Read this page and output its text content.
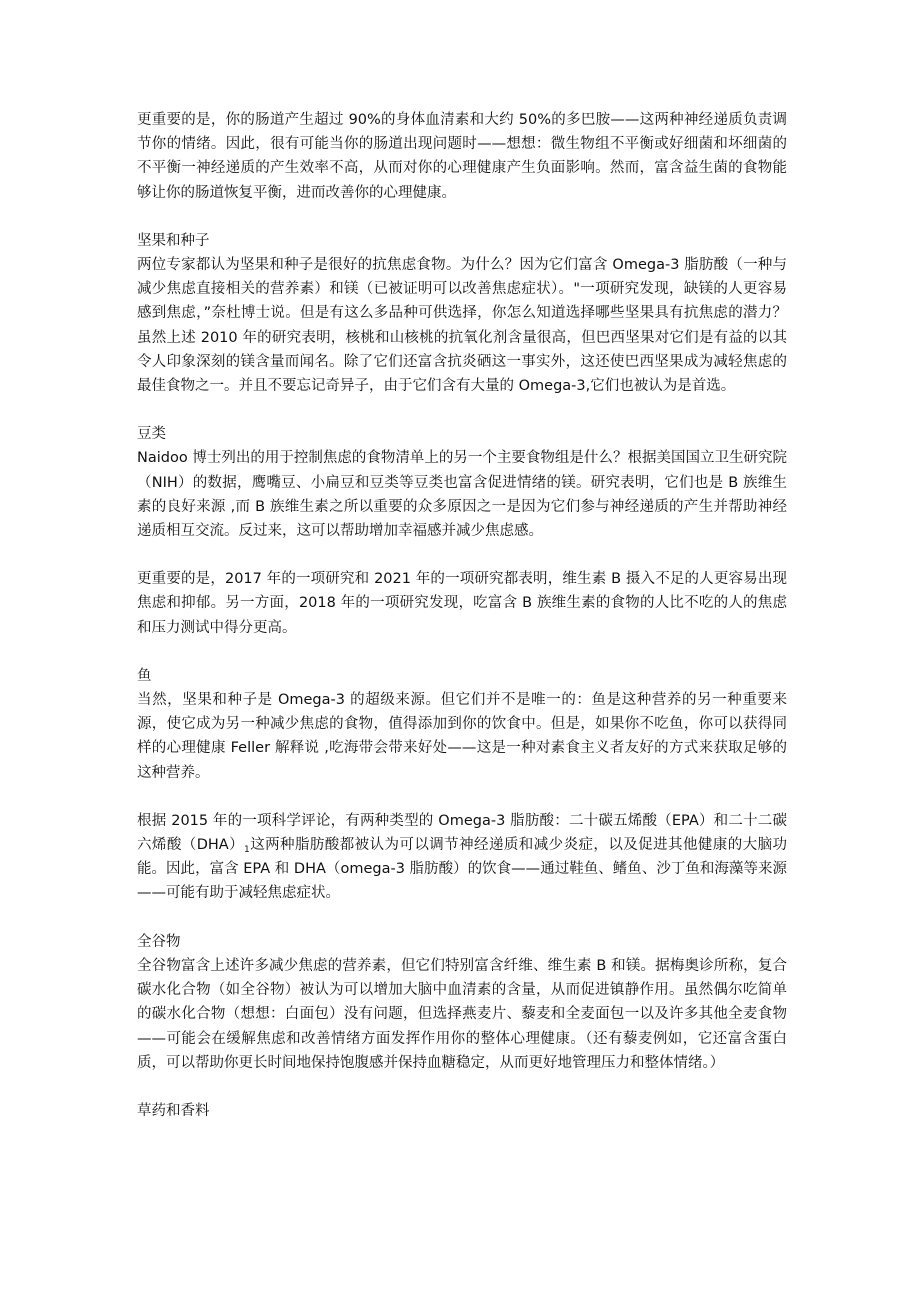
更重要的是，你的肠道产生超过 90%的身体血清素和大约 50%的多巴胺——这两种神经递质负责调节你的情绪。因此，很有可能当你的肠道出现问题时——想想：微生物组不平衡或好细菌和坏细菌的不平衡一神经递质的产生效率不高，从而对你的心理健康产生负面影响。然而，富含益生菌的食物能够让你的肠道恢复平衡，进而改善你的心理健康。

坚果和种子

两位专家都认为坚果和种子是很好的抗焦虑食物。为什么？因为它们富含 Omega-3 脂肪酸（一种与减少焦虑直接相关的营养素）和镁（已被证明可以改善焦虑症状）。"一项研究发现，缺镁的人更容易感到焦虑，”奈杜博士说。但是有这么多品种可供选择，你怎么知道选择哪些坚果具有抗焦虑的潜力？虽然上述 2010 年的研究表明，核桃和山核桃的抗氧化剂含量很高，但巴西坚果对它们是有益的以其令人印象深刻的镁含量而闻名。除了它们还富含抗炎硒这一事实外，这还使巴西坚果成为减轻焦虑的最佳食物之一。并且不要忘记奇异子，由于它们含有大量的 Omega-3,它们也被认为是首选。

豆类

Naidoo 博士列出的用于控制焦虑的食物清单上的另一个主要食物组是什么？根据美国国立卫生研究院（NIH）的数据，鹰嘴豆、小扁豆和豆类等豆类也富含促进情绪的镁。研究表明，它们也是 B 族维生素的良好来源 ,而 B 族维生素之所以重要的众多原因之一是因为它们参与神经递质的产生并帮助神经递质相互交流。反过来，这可以帮助增加幸福感并减少焦虑感。

更重要的是，2017 年的一项研究和 2021 年的一项研究都表明，维生素 B 摄入不足的人更容易出现焦虑和抑郁。另一方面，2018 年的一项研究发现，吃富含 B 族维生素的食物的人比不吃的人的焦虑和压力测试中得分更高。

鱼

当然，坚果和种子是 Omega-3 的超级来源。但它们并不是唯一的：鱼是这种营养的另一种重要来源，使它成为另一种减少焦虑的食物，值得添加到你的饮食中。但是，如果你不吃鱼，你可以获得同样的心理健康 Feller 解释说 ,吃海带会带来好处——这是一种对素食主义者友好的方式来获取足够的这种营养。

根据 2015 年的一项科学评论，有两种类型的 Omega-3 脂肪酸：二十碳五烯酸（EPA）和二十二碳六烯酸$(DHA)_1$这两种脂肪酸都被认为可以调节神经递质和减少炎症，以及促进其他健康的大脑功能。因此，富含 EPA 和 DHA（omega-3 脂肪酸）的饮食——通过鞋鱼、鳍鱼、沙丁鱼和海藻等来源——可能有助于减轻焦虑症状。

全谷物

全谷物富含上述许多减少焦虑的营养素，但它们特别富含纤维、维生素 B 和镁。据梅奥诊所称，复合碳水化合物（如全谷物）被认为可以增加大脑中血清素的含量，从而促进镇静作用。虽然偶尔吃简单的碳水化合物（想想：白面包）没有问题，但选择燕麦片、藜麦和全麦面包一以及许多其他全麦食物——可能会在缓解焦虑和改善情绪方面发挥作用你的整体心理健康。（还有藜麦例如，它还富含蛋白质，可以帮助你更长时间地保持饱腹感并保持血糖稳定，从而更好地管理压力和整体情绪。）

草药和香料
